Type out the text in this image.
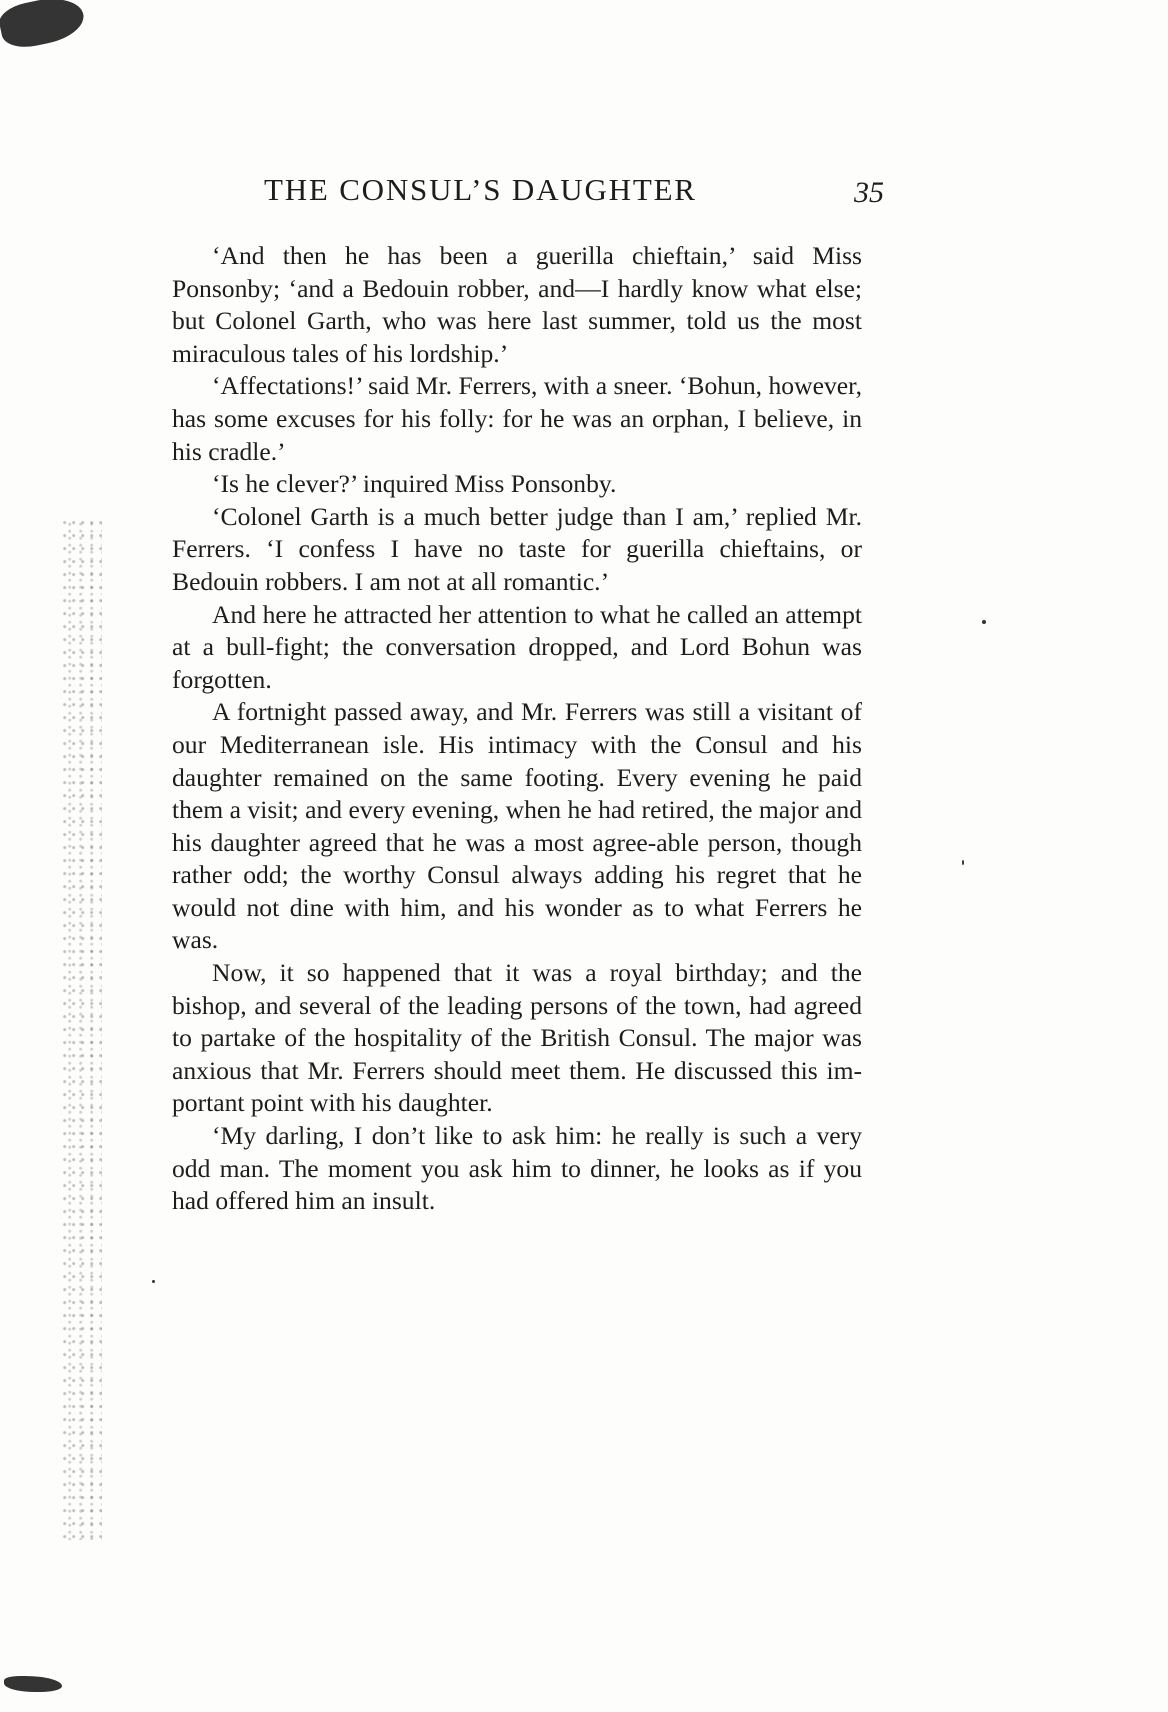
THE CONSUL’S DAUGHTER	35

‘And then he has been a guerilla chieftain,’ said Miss Ponsonby; ‘and a Bedouin robber, and—I hardly know what else; but Colonel Garth, who was here last summer, told us the most miraculous tales of his lordship.’

‘Affectations!’ said Mr. Ferrers, with a sneer. ‘Bohun, however, has some excuses for his folly: for he was an orphan, I believe, in his cradle.’

‘Is he clever?’ inquired Miss Ponsonby.

‘Colonel Garth is a much better judge than I am,’ replied Mr. Ferrers. ‘I confess I have no taste for guerilla chieftains, or Bedouin robbers. I am not at all romantic.’

And here he attracted her attention to what he called an attempt at a bull-fight; the conversation dropped, and Lord Bohun was forgotten.

A fortnight passed away, and Mr. Ferrers was still a visitant of our Mediterranean isle. His intimacy with the Consul and his daughter remained on the same footing. Every evening he paid them a visit; and every evening, when he had retired, the major and his daughter agreed that he was a most agree-able person, though rather odd; the worthy Consul always adding his regret that he would not dine with him, and his wonder as to what Ferrers he was.

Now, it so happened that it was a royal birthday; and the bishop, and several of the leading persons of the town, had agreed to partake of the hospitality of the British Consul. The major was anxious that Mr. Ferrers should meet them. He discussed this im-portant point with his daughter.

‘My darling, I don’t like to ask him: he really is such a very odd man. The moment you ask him to dinner, he looks as if you had offered him an insult.
